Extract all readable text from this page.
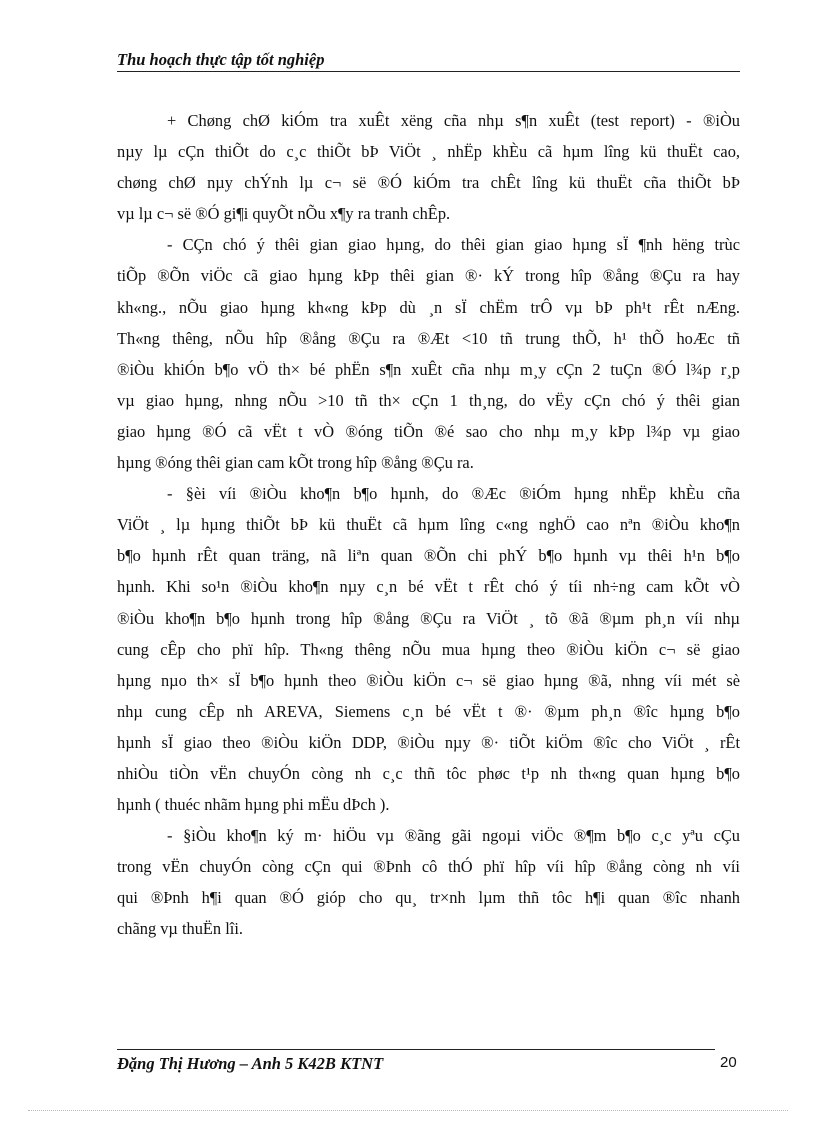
Thu hoạch thực tập tốt nghiệp

+ Chøng chØ kiÓm tra xuÊt xëng cña nhµ s¶n xuÊt (test report) - ®iÒu
nµy lµ cÇn thiÕt do c¸c thiÕt bÞ ViÖt ¸ nhËp khÈu cã hµm lîng kü thuËt cao,
chøng chØ nµy chÝnh lµ c¬ së ®Ó kiÓm tra chÊt lîng kü thuËt cña thiÕt bÞ
vµ lµ c¬ së ®Ó gi¶i quyÕt nÕu x¶y ra tranh chÊp.

- CÇn chó ý thêi gian giao hµng, do thêi gian giao hµng sÏ ¶nh hëng trùc
tiÕp ®Õn viÖc cã giao hµng kÞp thêi gian ®· kÝ trong hîp ®ång ®Çu ra hay
kh«ng., nÕu giao hµng kh«ng kÞp dù ¸n sÏ chËm trÔ vµ bÞ ph¹t rÊt nÆng.
Th«ng thêng, nÕu hîp ®ång ®Çu ra ®Æt <10 tñ trung thÕ, h¹ thÕ hoÆc tñ
®iÒu khiÓn b¶o vÖ th× bé phËn s¶n xuÊt cña nhµ m¸y cÇn 2 tuÇn ®Ó l¾p r¸p
vµ giao hµng, nhng nÕu >10 tñ th× cÇn 1 th¸ng, do vËy cÇn chó ý thêi gian
giao hµng ®Ó cã vËt t vÒ ®óng tiÕn ®é sao cho nhµ m¸y kÞp l¾p vµ giao
hµng ®óng thêi gian cam kÕt trong hîp ®ång ®Çu ra.

- §èi víi ®iÒu kho¶n b¶o hµnh, do ®Æc ®iÓm hµng nhËp khÈu cña
ViÖt ¸ lµ hµng thiÕt bÞ kü thuËt cã hµm lîng c«ng nghÖ cao nªn ®iÒu kho¶n
b¶o hµnh rÊt quan träng, nã liªn quan ®Õn chi phÝ b¶o hµnh vµ thêi h¹n b¶o
hµnh. Khi so¹n ®iÒu kho¶n nµy c¸n bé vËt t rÊt chó ý tíi nh÷ng cam kÕt vÒ
®iÒu kho¶n b¶o hµnh trong hîp ®ång ®Çu ra ViÖt ¸ tõ ®ã ®µm ph¸n víi nhµ
cung cÊp cho phï hîp. Th«ng thêng nÕu mua hµng theo ®iÒu kiÖn c¬ së giao
hµng nµo th× sÏ b¶o hµnh theo ®iÒu kiÖn c¬ së giao hµng ®ã, nhng víi mét sè
nhµ cung cÊp nh AREVA, Siemens c¸n bé vËt t ®· ®µm ph¸n ®îc hµng b¶o
hµnh sÏ giao theo ®iÒu kiÖn DDP, ®iÒu nµy ®· tiÕt kiÖm ®îc cho ViÖt ¸ rÊt
nhiÒu tiÒn vËn chuyÓn còng nh c¸c thñ tôc phøc t¹p nh th«ng quan hµng b¶o
hµnh ( thuéc nhãm hµng phi mËu dÞch ).

- §iÒu kho¶n ký m· hiÖu vµ ®ãng gãi ngoµi viÖc ®¶m b¶o c¸c yªu cÇu
trong vËn chuyÓn còng cÇn qui ®Þnh cô thÓ phï hîp víi hîp ®ång còng nh víi
qui ®Þnh h¶i quan ®Ó gióp cho qu¸ tr×nh lµm thñ tôc h¶i quan ®îc nhanh
chãng vµ thuËn lîi.

Đặng Thị Hương – Anh 5 K42B KTNT	20
